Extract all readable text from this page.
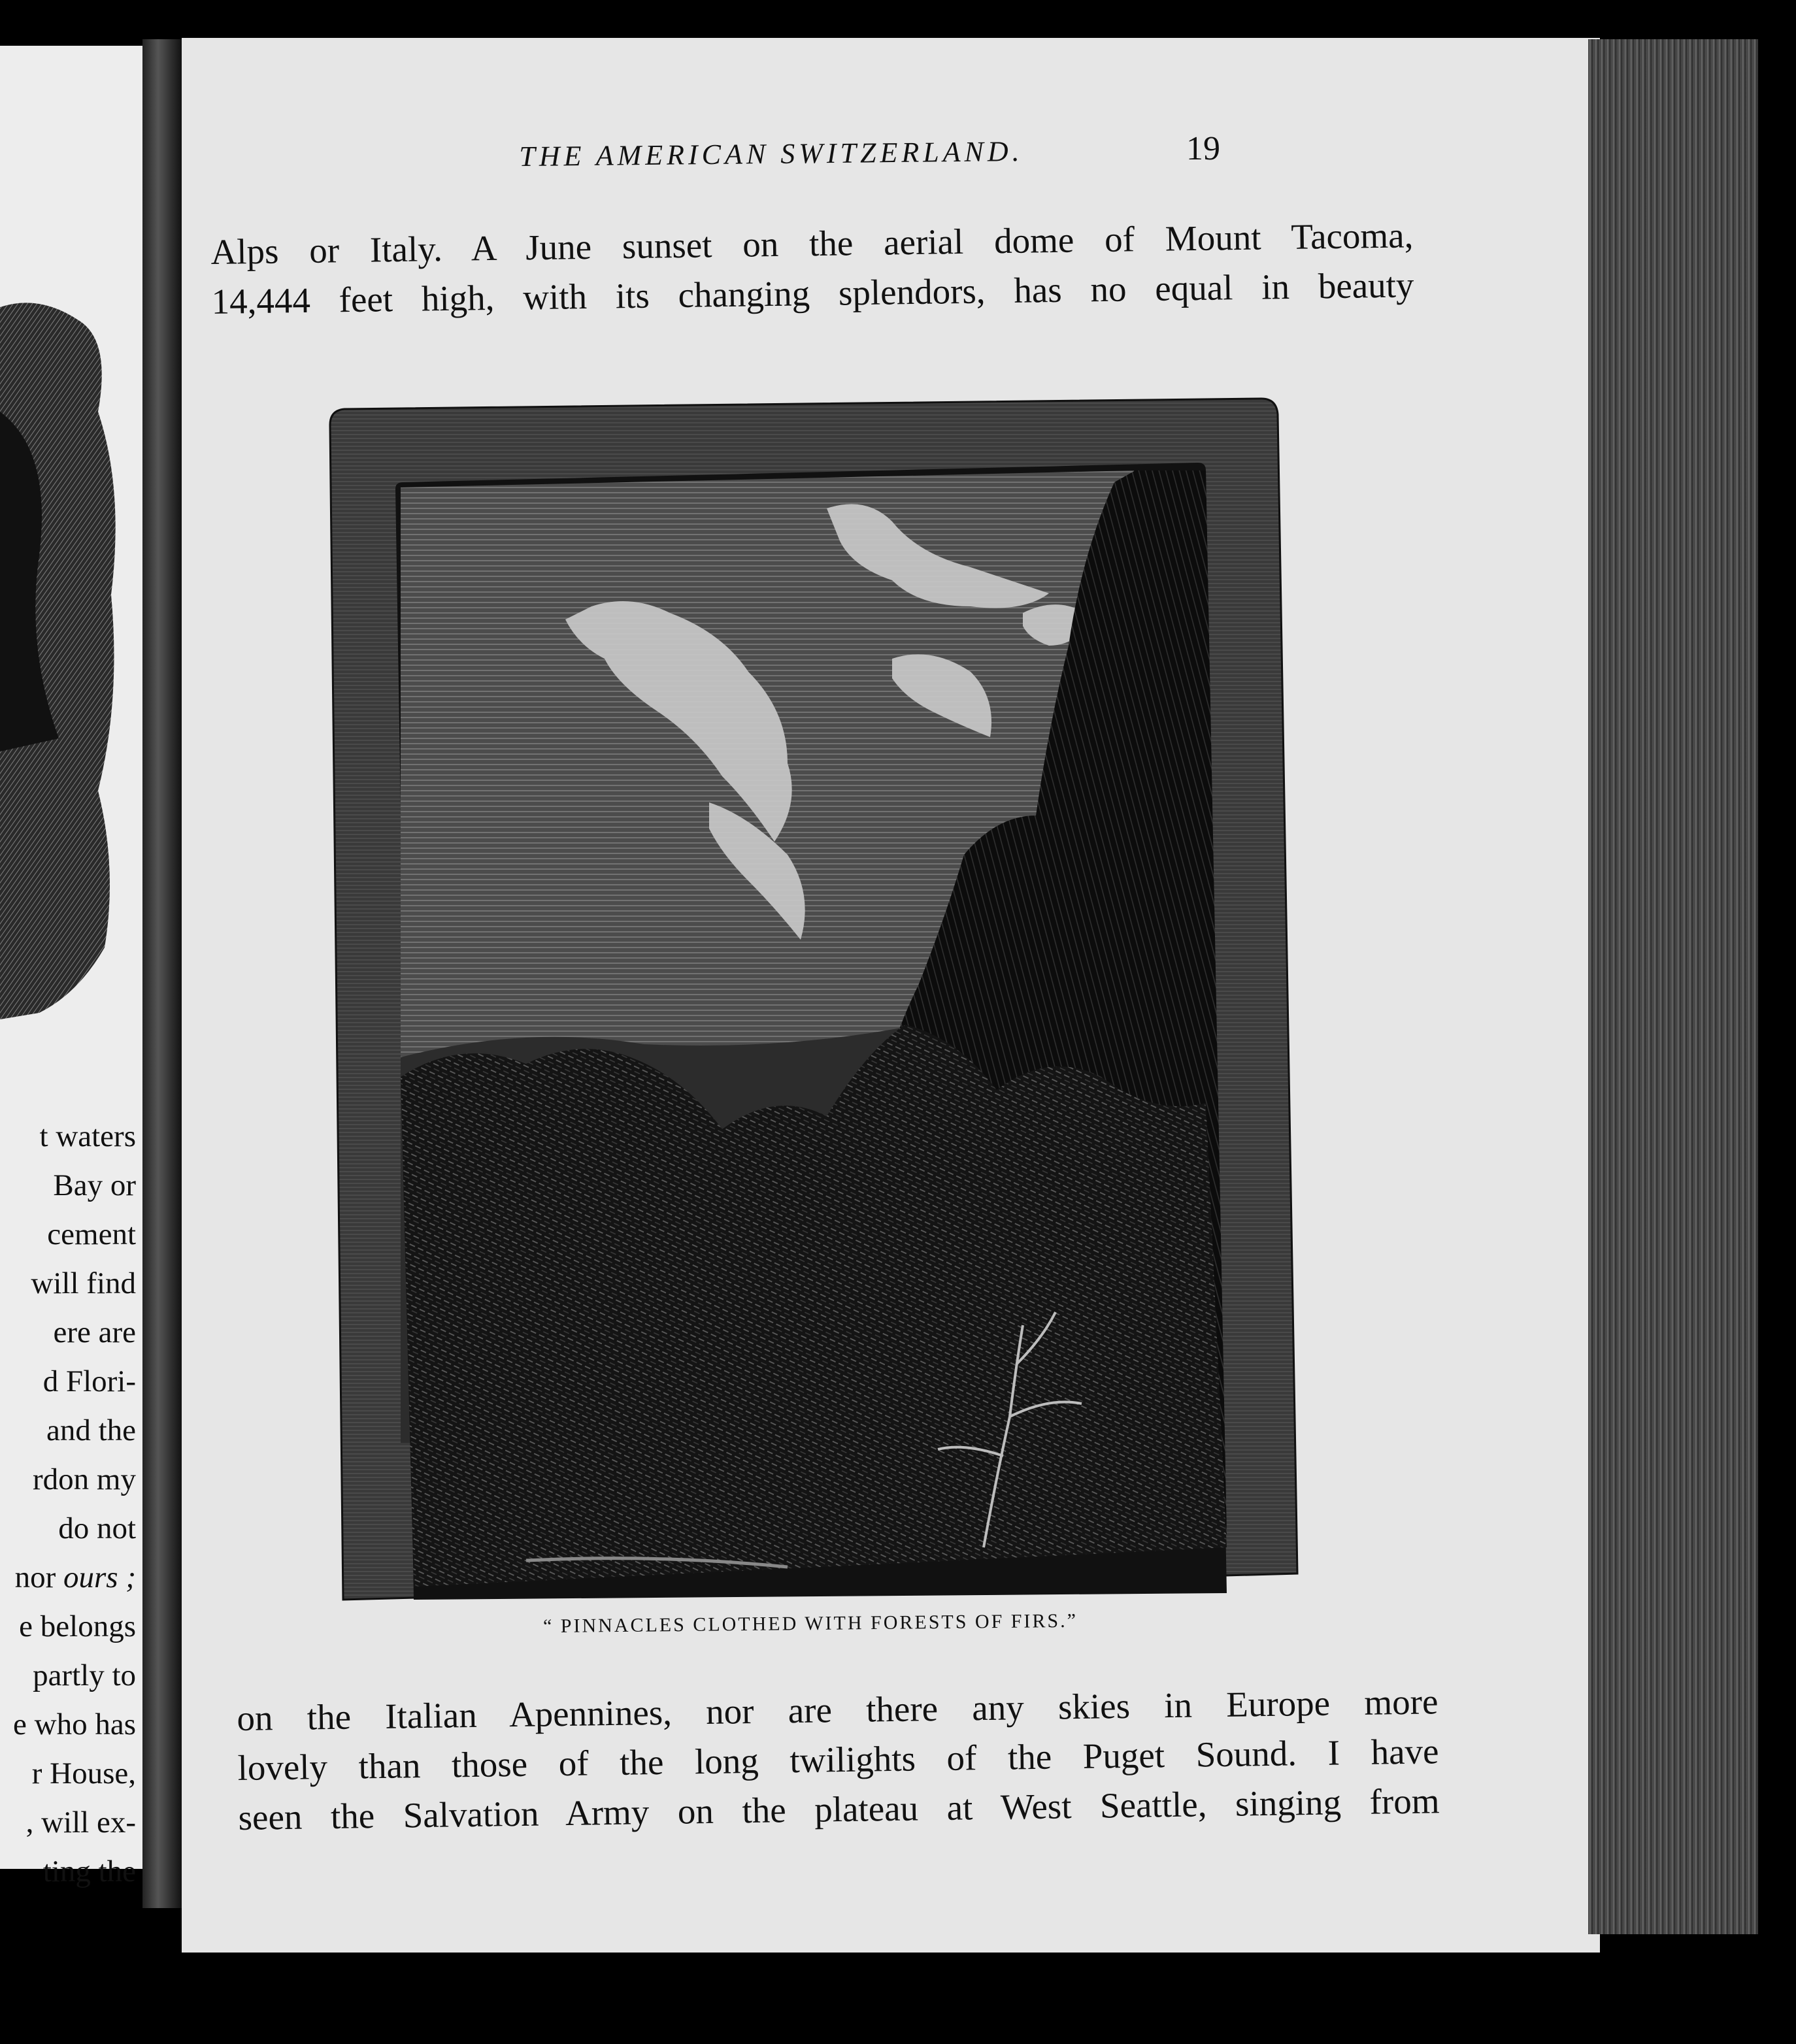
t waters
Bay or
cement
will find
ere are
d Flori-
and the
rdon my
do not
nor ours ;
e belongs
partly to
e who has
r House,
, will ex-
ting the
THE AMERICAN SWITZERLAND.	19
Alps or Italy. A June sunset on the aerial dome of Mount Tacoma,
14,444 feet high, with its changing splendors, has no equal in beauty
“ PINNACLES CLOTHED WITH FORESTS OF FIRS.”
on the Italian Apennines, nor are there any skies in Europe more
lovely than those of the long twilights of the Puget Sound. I have
seen the Salvation Army on the plateau at West Seattle, singing from
